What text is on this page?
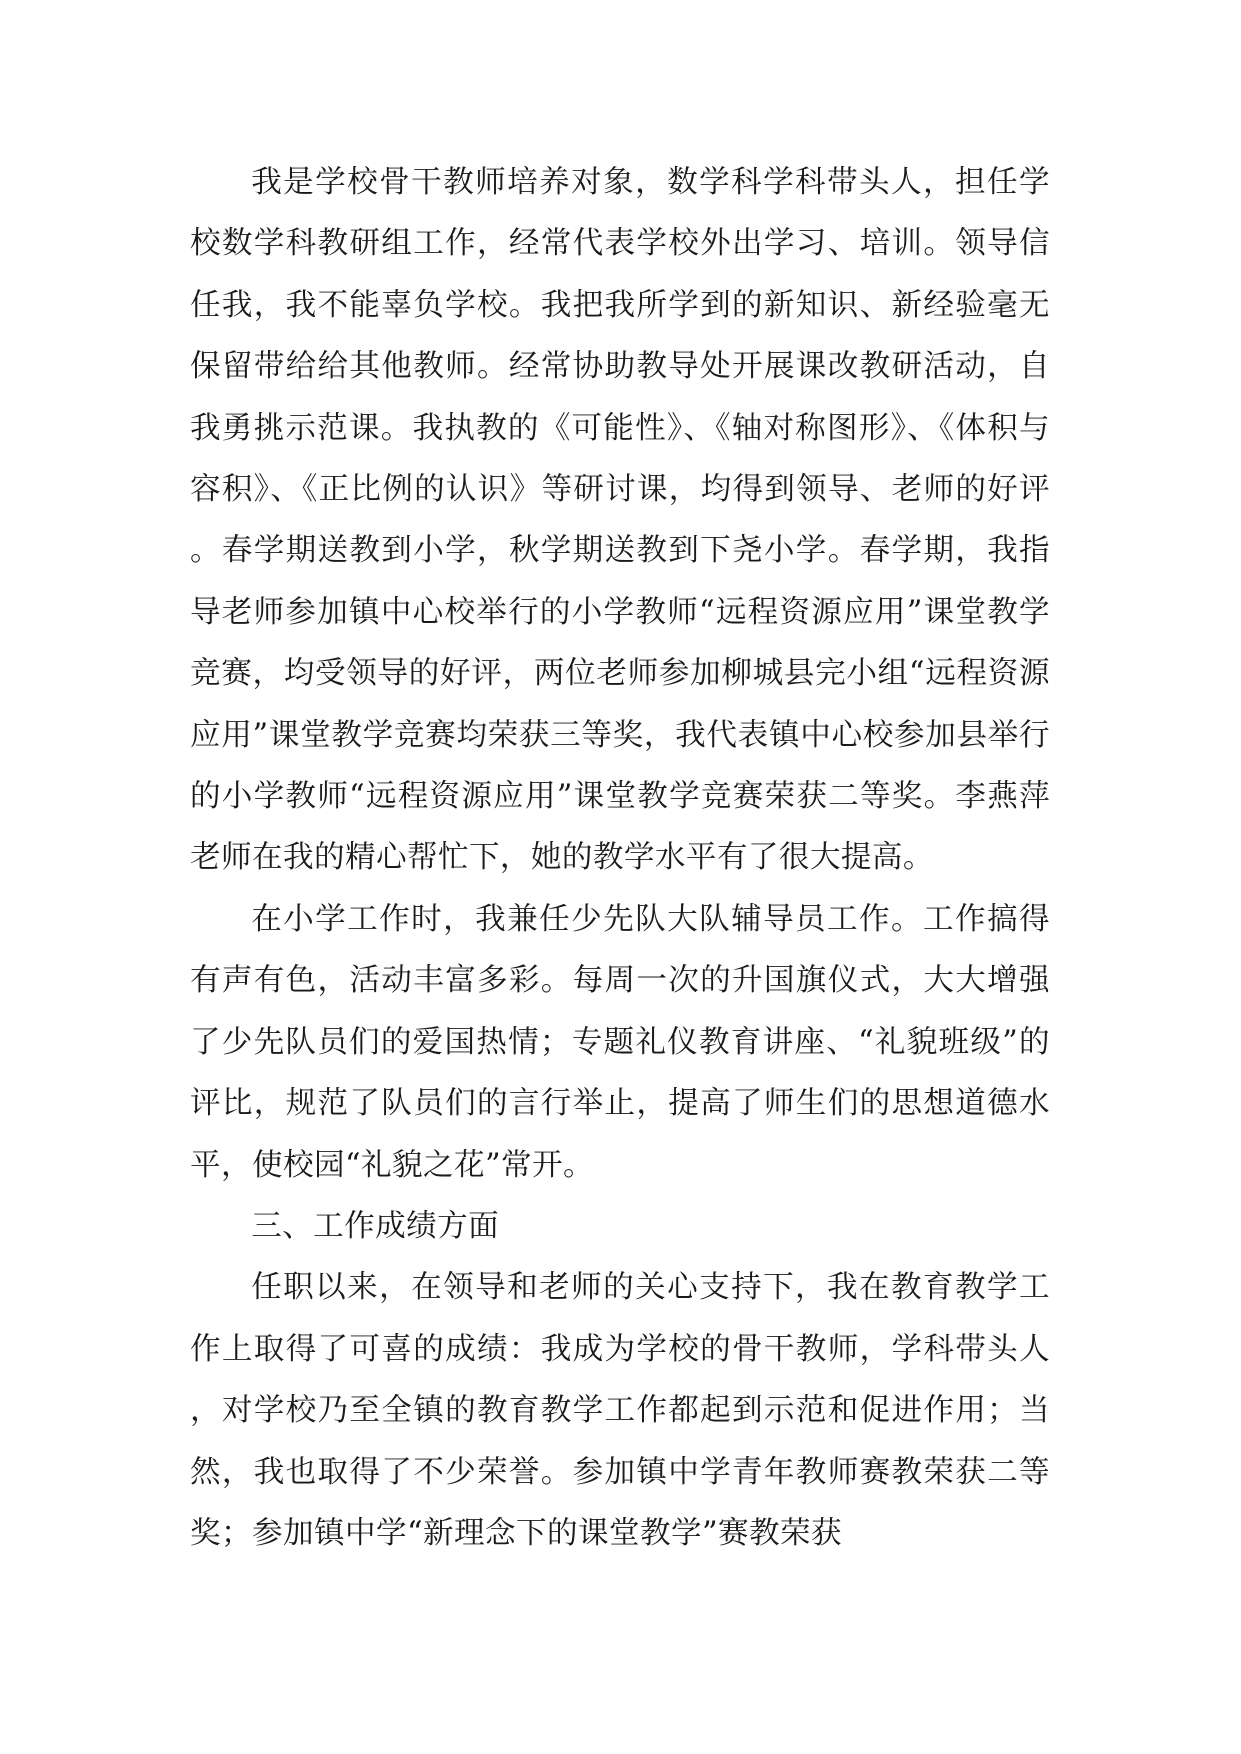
我是学校骨干教师培养对象，数学科学科带头人，担任学校数学科教研组工作，经常代表学校外出学习、培训。领导信任我，我不能辜负学校。我把我所学到的新知识、新经验毫无保留带给给其他教师。经常协助教导处开展课改教研活动，自我勇挑示范课。我执教的《可能性》、《轴对称图形》、《体积与容积》、《正比例的认识》等研讨课，均得到领导、老师的好评。春学期送教到小学，秋学期送教到下尧小学。春学期，我指导老师参加镇中心校举行的小学教师“远程资源应用”课堂教学竞赛，均受领导的好评，两位老师参加柳城县完小组“远程资源应用”课堂教学竞赛均荣获三等奖，我代表镇中心校参加县举行的小学教师“远程资源应用”课堂教学竞赛荣获二等奖。李燕萍老师在我的精心帮忙下，她的教学水平有了很大提高。

在小学工作时，我兼任少先队大队辅导员工作。工作搞得有声有色，活动丰富多彩。每周一次的升国旗仪式，大大增强了少先队员们的爱国热情；专题礼仪教育讲座、“礼貌班级”的评比，规范了队员们的言行举止，提高了师生们的思想道德水平，使校园“礼貌之花”常开。

三、工作成绩方面

任职以来，在领导和老师的关心支持下，我在教育教学工作上取得了可喜的成绩：我成为学校的骨干教师，学科带头人，对学校乃至全镇的教育教学工作都起到示范和促进作用；当然，我也取得了不少荣誉。参加镇中学青年教师赛教荣获二等奖；参加镇中学“新理念下的课堂教学”赛教荣获
